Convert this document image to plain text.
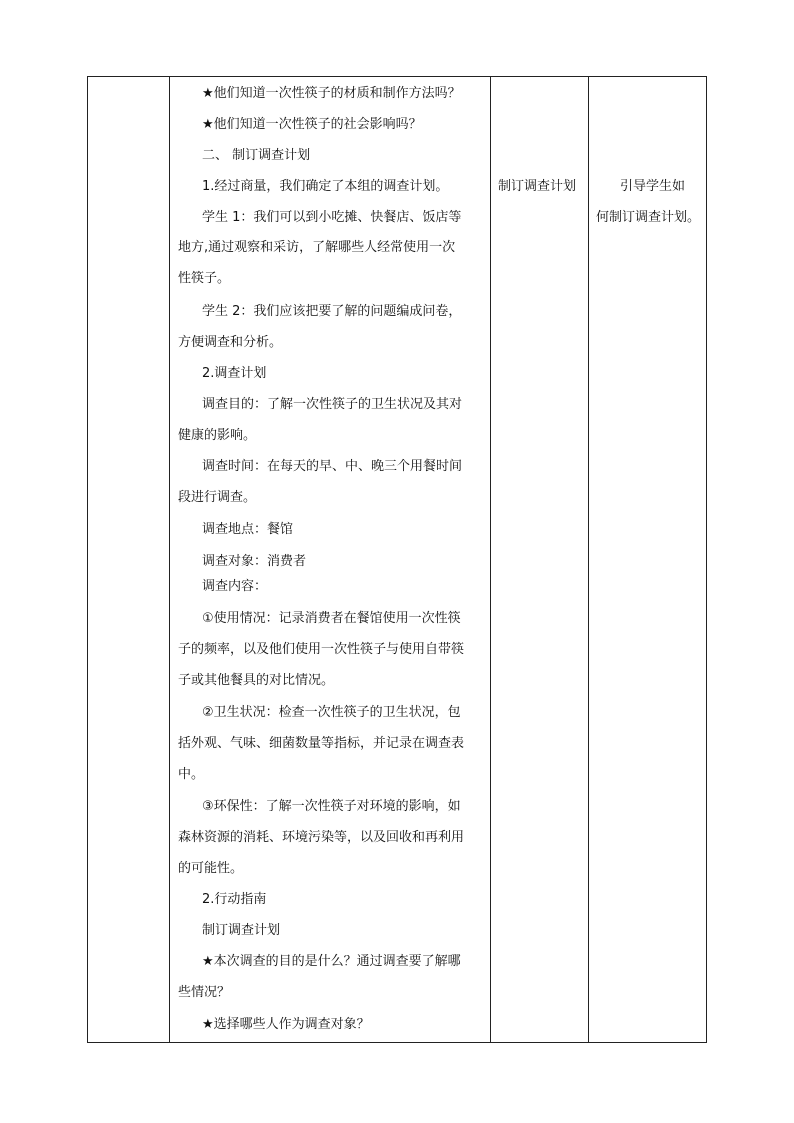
★他们知道一次性筷子的材质和制作方法吗？
★他们知道一次性筷子的社会影响吗？
二、 制订调查计划
1.经过商量，我们确定了本组的调查计划。
学生 1：我们可以到小吃摊、快餐店、饭店等
地方,通过观察和采访，了解哪些人经常使用一次
性筷子。
学生 2：我们应该把要了解的问题编成问卷，
方便调查和分析。
2.调查计划
调查目的：了解一次性筷子的卫生状况及其对
健康的影响。
调查时间：在每天的早、中、晚三个用餐时间
段进行调查。
调查地点：餐馆
调查对象：消费者
调查内容：
①使用情况：记录消费者在餐馆使用一次性筷
子的频率，以及他们使用一次性筷子与使用自带筷
子或其他餐具的对比情况。
②卫生状况：检查一次性筷子的卫生状况，包
括外观、气味、细菌数量等指标，并记录在调查表
中。
③环保性：了解一次性筷子对环境的影响，如
森林资源的消耗、环境污染等，以及回收和再利用
的可能性。
2.行动指南
制订调查计划
★本次调查的目的是什么？通过调查要了解哪
些情况？
★选择哪些人作为调查对象？
制订调查计划	引导学生如
何制订调查计划。
